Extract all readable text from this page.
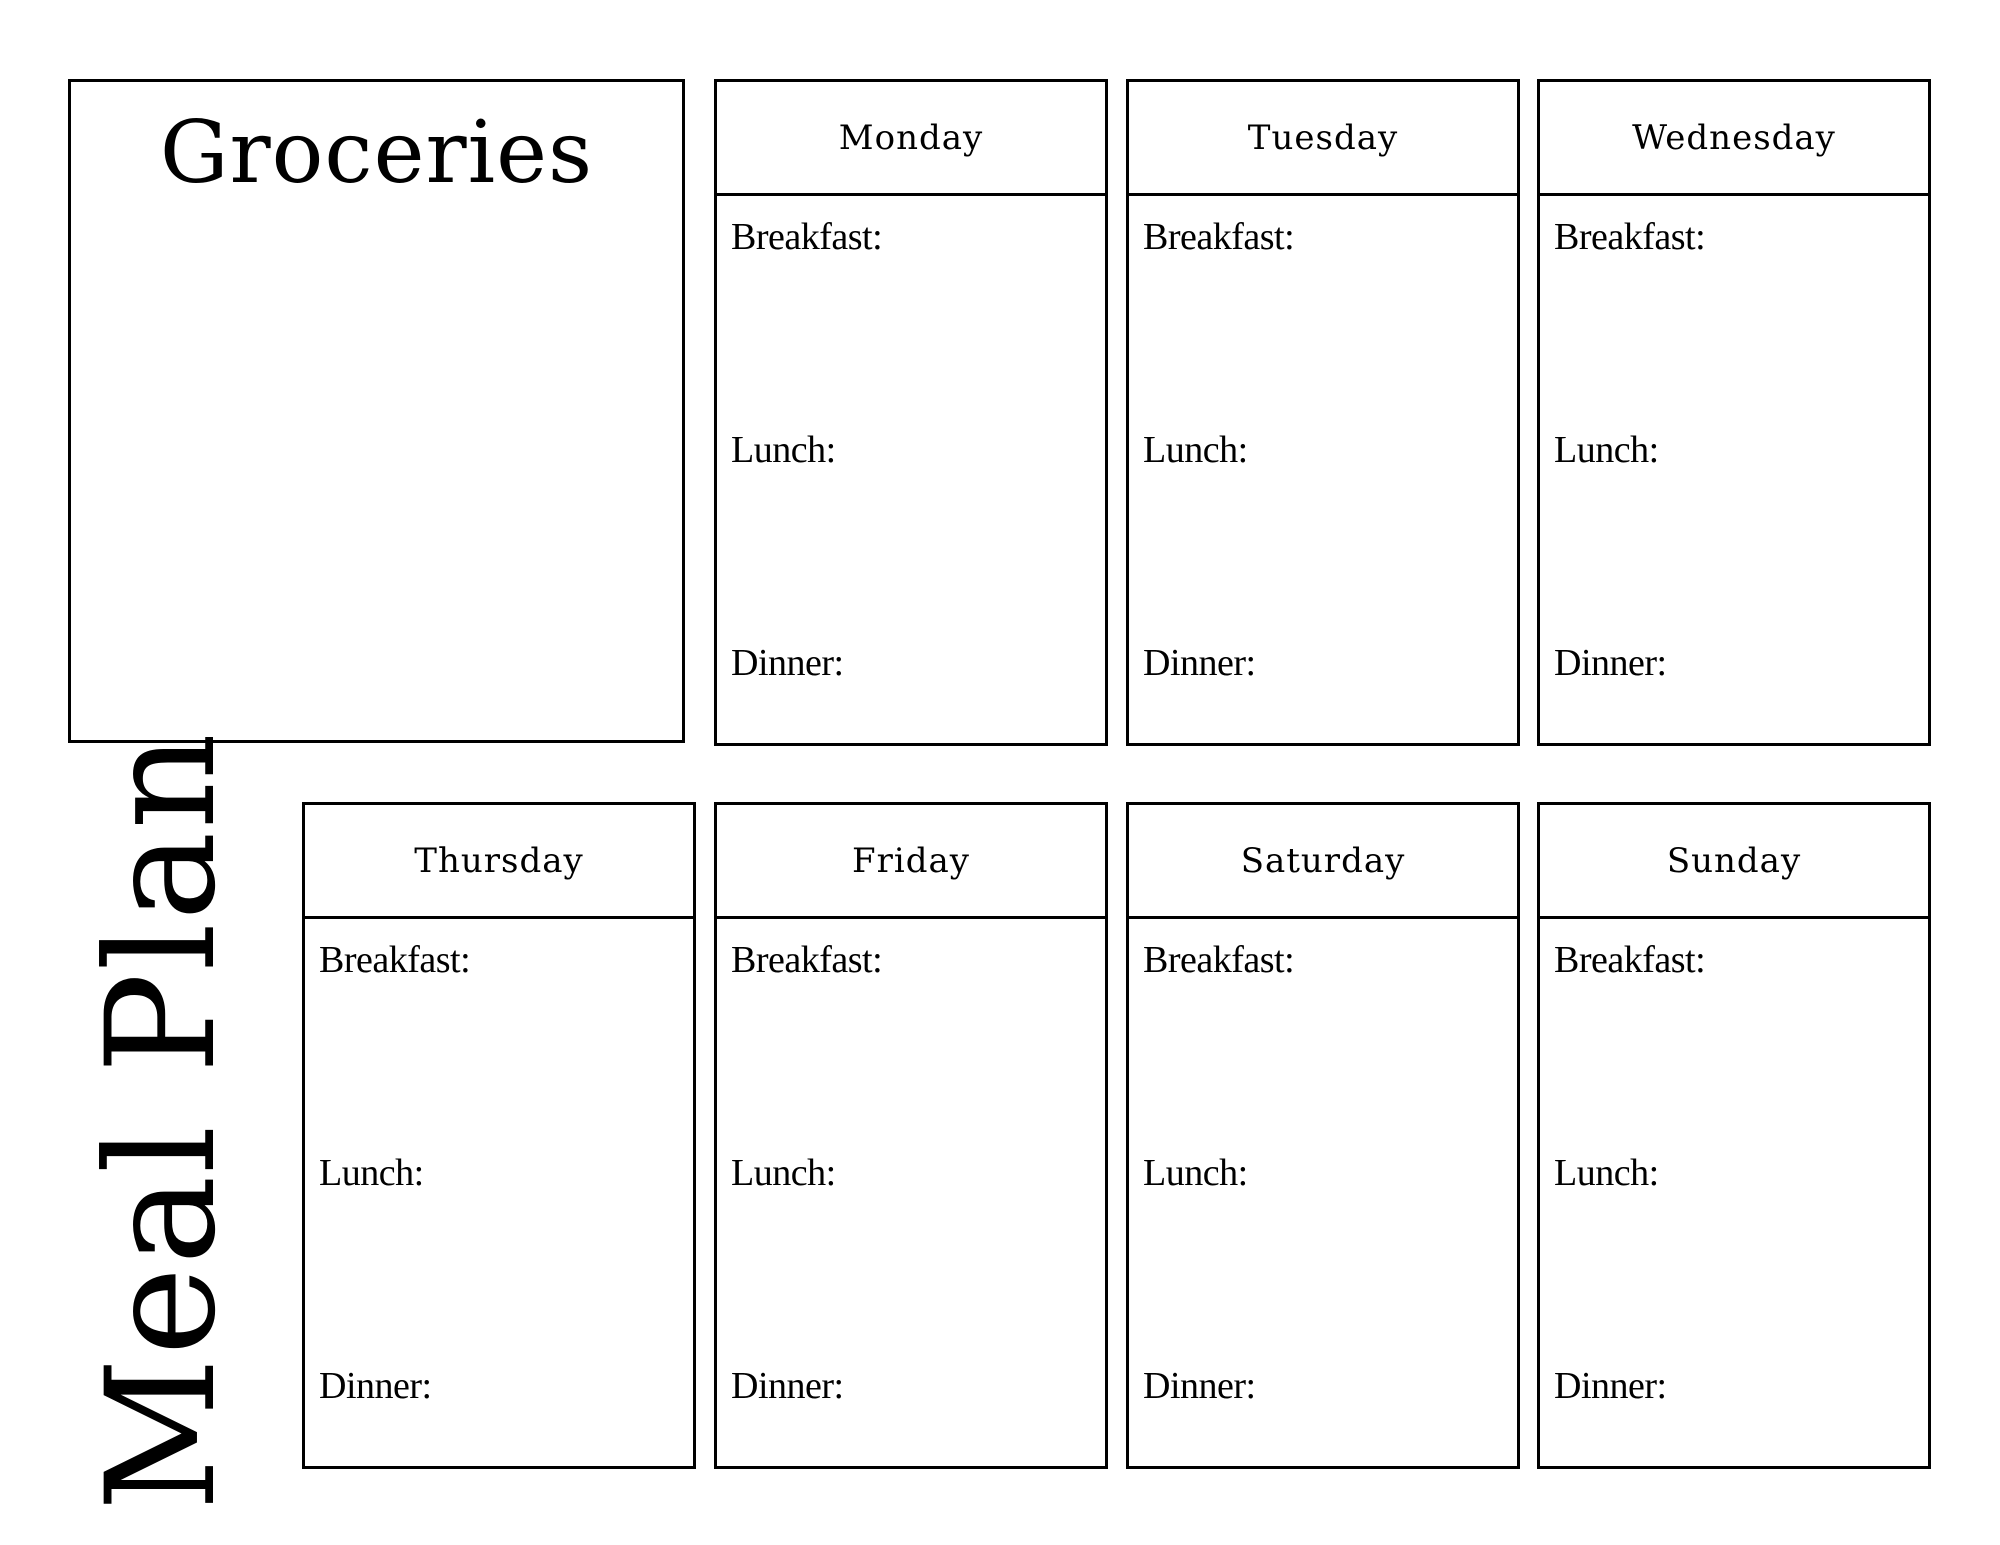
Groceries
Meal Plan
Monday
Breakfast:
Lunch:
Dinner:
Tuesday
Breakfast:
Lunch:
Dinner:
Wednesday
Breakfast:
Lunch:
Dinner:
Thursday
Breakfast:
Lunch:
Dinner:
Friday
Breakfast:
Lunch:
Dinner:
Saturday
Breakfast:
Lunch:
Dinner:
Sunday
Breakfast:
Lunch:
Dinner:
